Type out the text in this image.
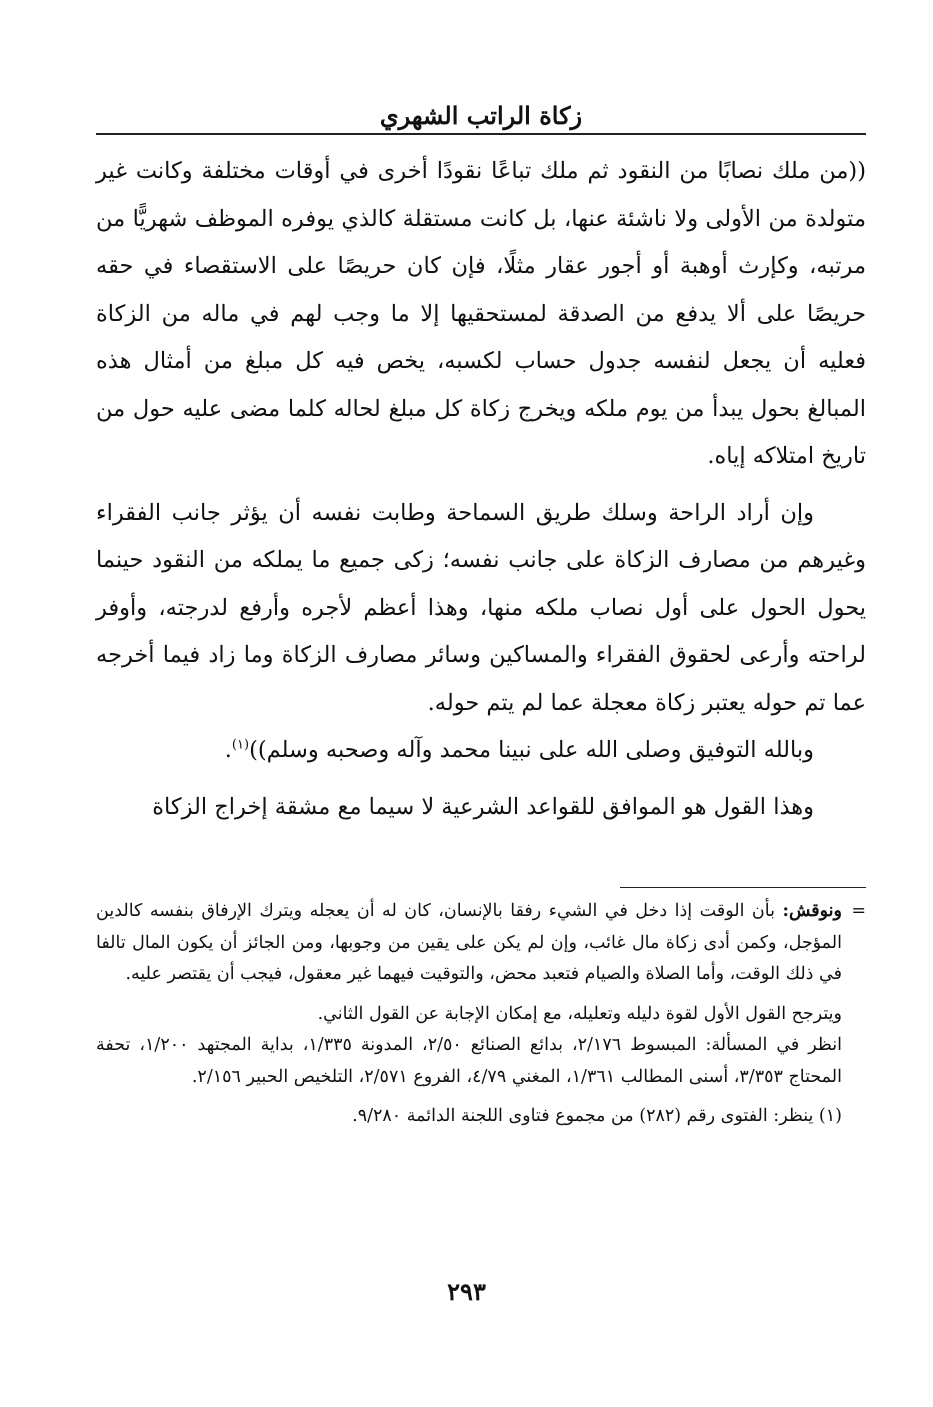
زكاة الراتب الشهري

((من ملك نصابًا من النقود ثم ملك تباعًا نقودًا أخرى في أوقات مختلفة وكانت غير متولدة من الأولى ولا ناشئة عنها، بل كانت مستقلة كالذي يوفره الموظف شهريًّا من مرتبه، وكإرث أوهبة أو أجور عقار مثلًا، فإن كان حريصًا على الاستقصاء في حقه حريصًا على ألا يدفع من الصدقة لمستحقيها إلا ما وجب لهم في ماله من الزكاة فعليه أن يجعل لنفسه جدول حساب لكسبه، يخص فيه كل مبلغ من أمثال هذه المبالغ بحول يبدأ من يوم ملكه ويخرج زكاة كل مبلغ لحاله كلما مضى عليه حول من تاريخ امتلاكه إياه.

وإن أراد الراحة وسلك طريق السماحة وطابت نفسه أن يؤثر جانب الفقراء وغيرهم من مصارف الزكاة على جانب نفسه؛ زكى جميع ما يملكه من النقود حينما يحول الحول على أول نصاب ملكه منها، وهذا أعظم لأجره وأرفع لدرجته، وأوفر لراحته وأرعى لحقوق الفقراء والمساكين وسائر مصارف الزكاة وما زاد فيما أخرجه عما تم حوله يعتبر زكاة معجلة عما لم يتم حوله.

وبالله التوفيق وصلى الله على نبينا محمد وآله وصحبه وسلم))$^{(١)}$.

وهذا القول هو الموافق للقواعد الشرعية لا سيما مع مشقة إخراج الزكاة

=ونوقش: بأن الوقت إذا دخل في الشيء رفقا بالإنسان، كان له أن يعجله ويترك الإرفاق بنفسه كالدين المؤجل، وكمن أدى زكاة مال غائب، وإن لم يكن على يقين من وجوبها، ومن الجائز أن يكون المال تالفا في ذلك الوقت، وأما الصلاة والصيام فتعبد محض، والتوقيت فيهما غير معقول، فيجب أن يقتصر عليه.

ويترجح القول الأول لقوة دليله وتعليله، مع إمكان الإجابة عن القول الثاني.

انظر في المسألة: المبسوط ٢/١٧٦، بدائع الصنائع ٢/٥٠، المدونة ١/٣٣٥، بداية المجتهد ١/٢٠٠، تحفة المحتاج ٣/٣٥٣، أسنى المطالب ١/٣٦١، المغني ٤/٧٩، الفروع ٢/٥٧١، التلخيص الحبير ٢/١٥٦.

(١) ينظر: الفتوى رقم (٢٨٢) من مجموع فتاوى اللجنة الدائمة ٩/٢٨٠.

٢٩٣
